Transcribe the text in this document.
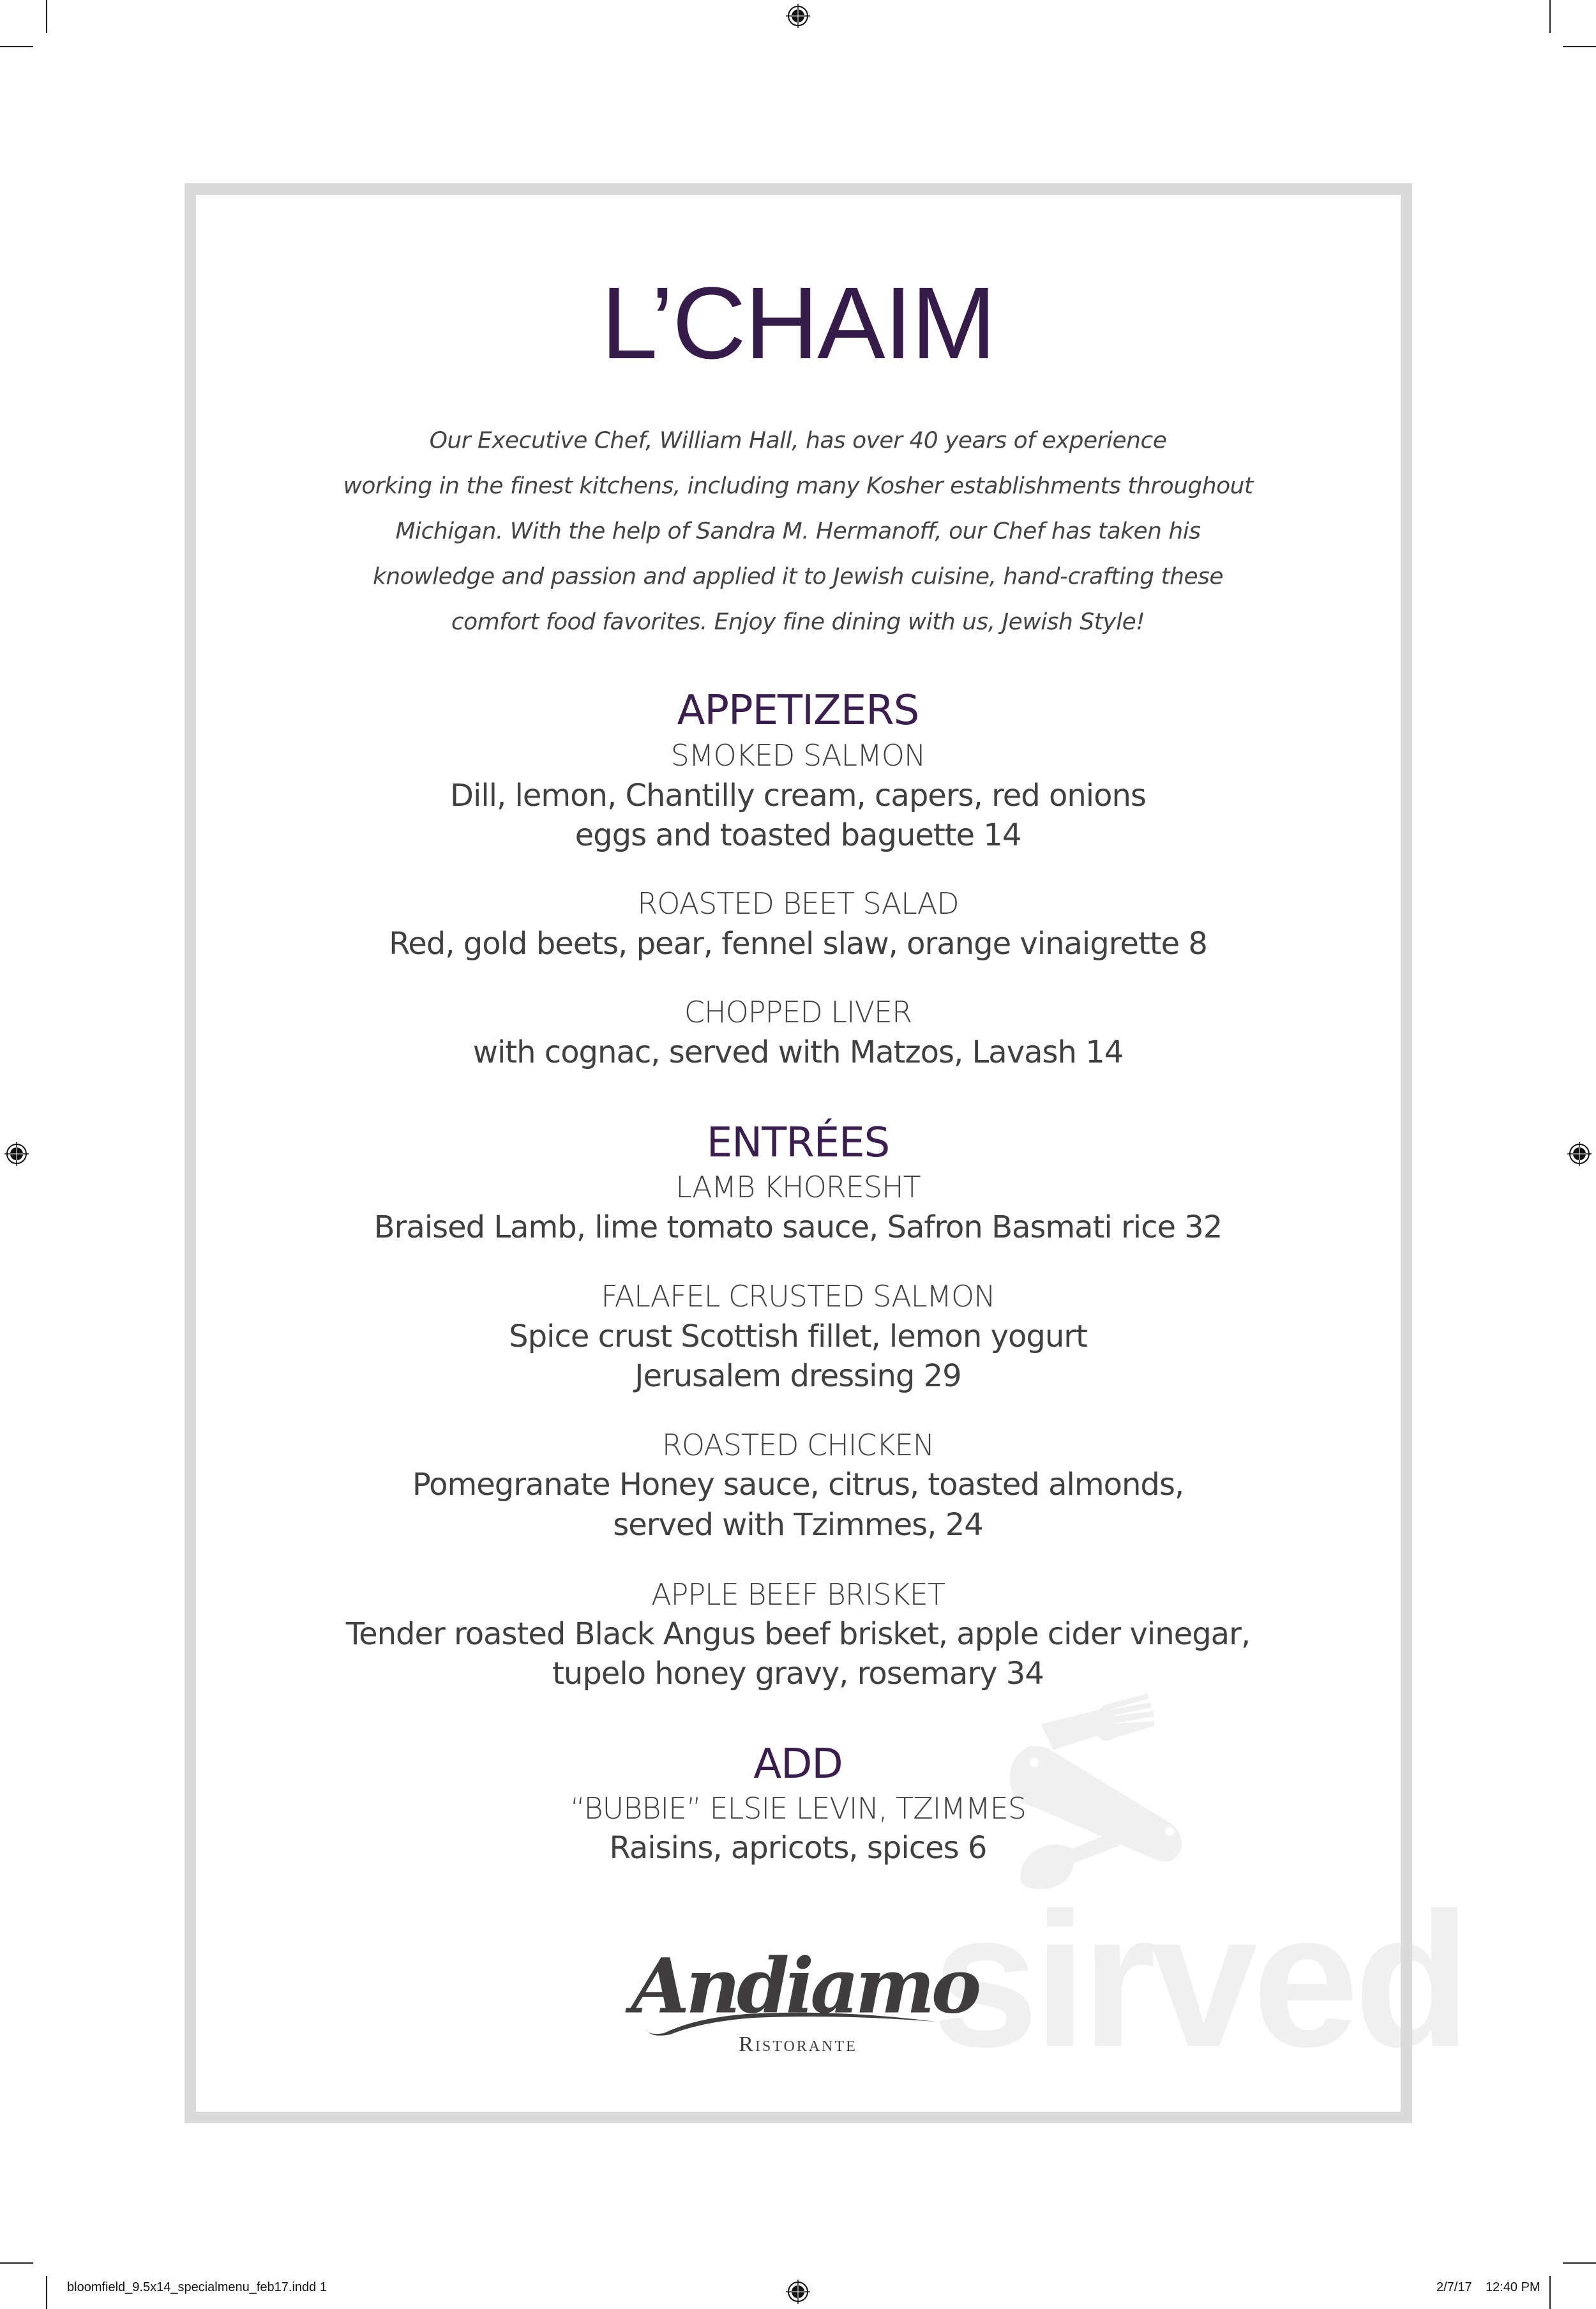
sirved
L’CHAIM
Our Executive Chef, William Hall, has over 40 years of experience
working in the finest kitchens, including many Kosher establishments throughout
Michigan. With the help of Sandra M. Hermanoff, our Chef has taken his
knowledge and passion and applied it to Jewish cuisine, hand-crafting these
comfort food favorites. Enjoy fine dining with us, Jewish Style!
APPETIZERS
SMOKED SALMON
Dill, lemon, Chantilly cream, capers, red onions
eggs and toasted baguette 14
ROASTED BEET SALAD
Red, gold beets, pear, fennel slaw, orange vinaigrette 8
CHOPPED LIVER
with cognac, served with Matzos, Lavash 14
ENTRÉES
LAMB KHORESHT
Braised Lamb, lime tomato sauce, Safron Basmati rice 32
FALAFEL CRUSTED SALMON
Spice crust Scottish fillet, lemon yogurt
Jerusalem dressing 29
ROASTED CHICKEN
Pomegranate Honey sauce, citrus, toasted almonds,
served with Tzimmes, 24
APPLE BEEF BRISKET
Tender roasted Black Angus beef brisket, apple cider vinegar,
tupelo honey gravy, rosemary 34
ADD
“BUBBIE” ELSIE LEVIN, TZIMMES
Raisins, apricots, spices 6
Andiamo
Ristorante
bloomfield_9.5x14_specialmenu_feb17.indd 1	2/7/17 12:40 PM
